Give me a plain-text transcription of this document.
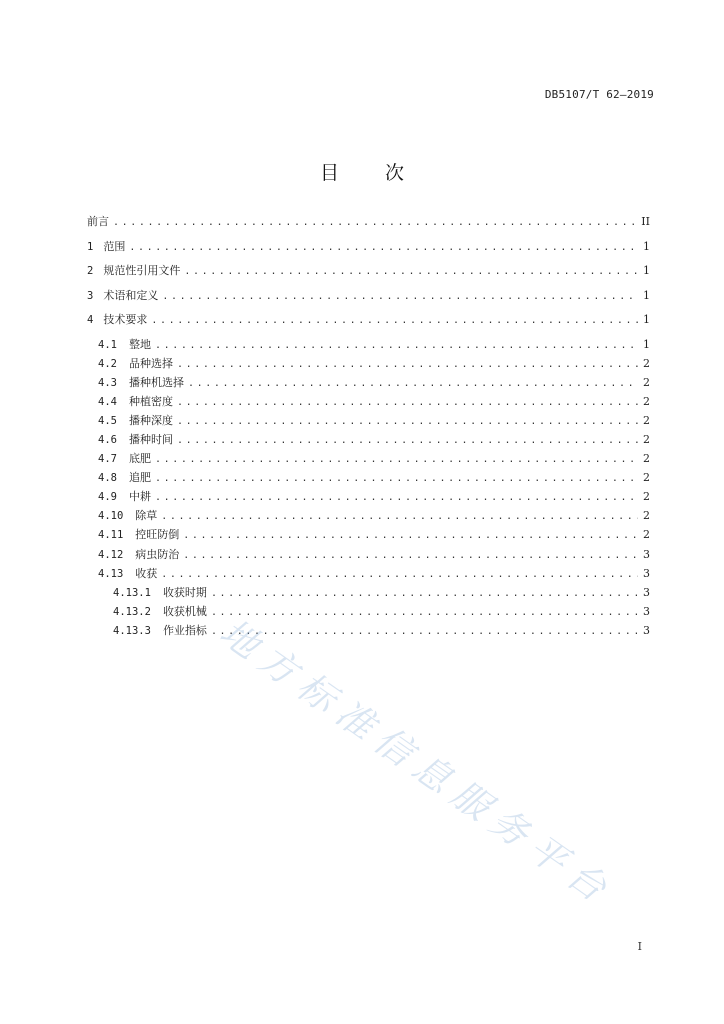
DB5107/T 62—2019
目 次
前言 .....	II
1 范围 .....	1
2 规范性引用文件 .....	1
3 术语和定义 .....	1
4 技术要求 .....	1
4.1 整地 .....	1
4.2 品种选择 .....	2
4.3 播种机选择 .....	2
4.4 种植密度 .....	2
4.5 播种深度 .....	2
4.6 播种时间 .....	2
4.7 底肥 .....	2
4.8 追肥 .....	2
4.9 中耕 .....	2
4.10 除草 .....	2
4.11 控旺防倒 .....	2
4.12 病虫防治 .....	3
4.13 收获 .....	3
4.13.1 收获时期 .....	3
4.13.2 收获机械 .....	3
4.13.3 作业指标 .....	3
地方标准信息服务平台
I
